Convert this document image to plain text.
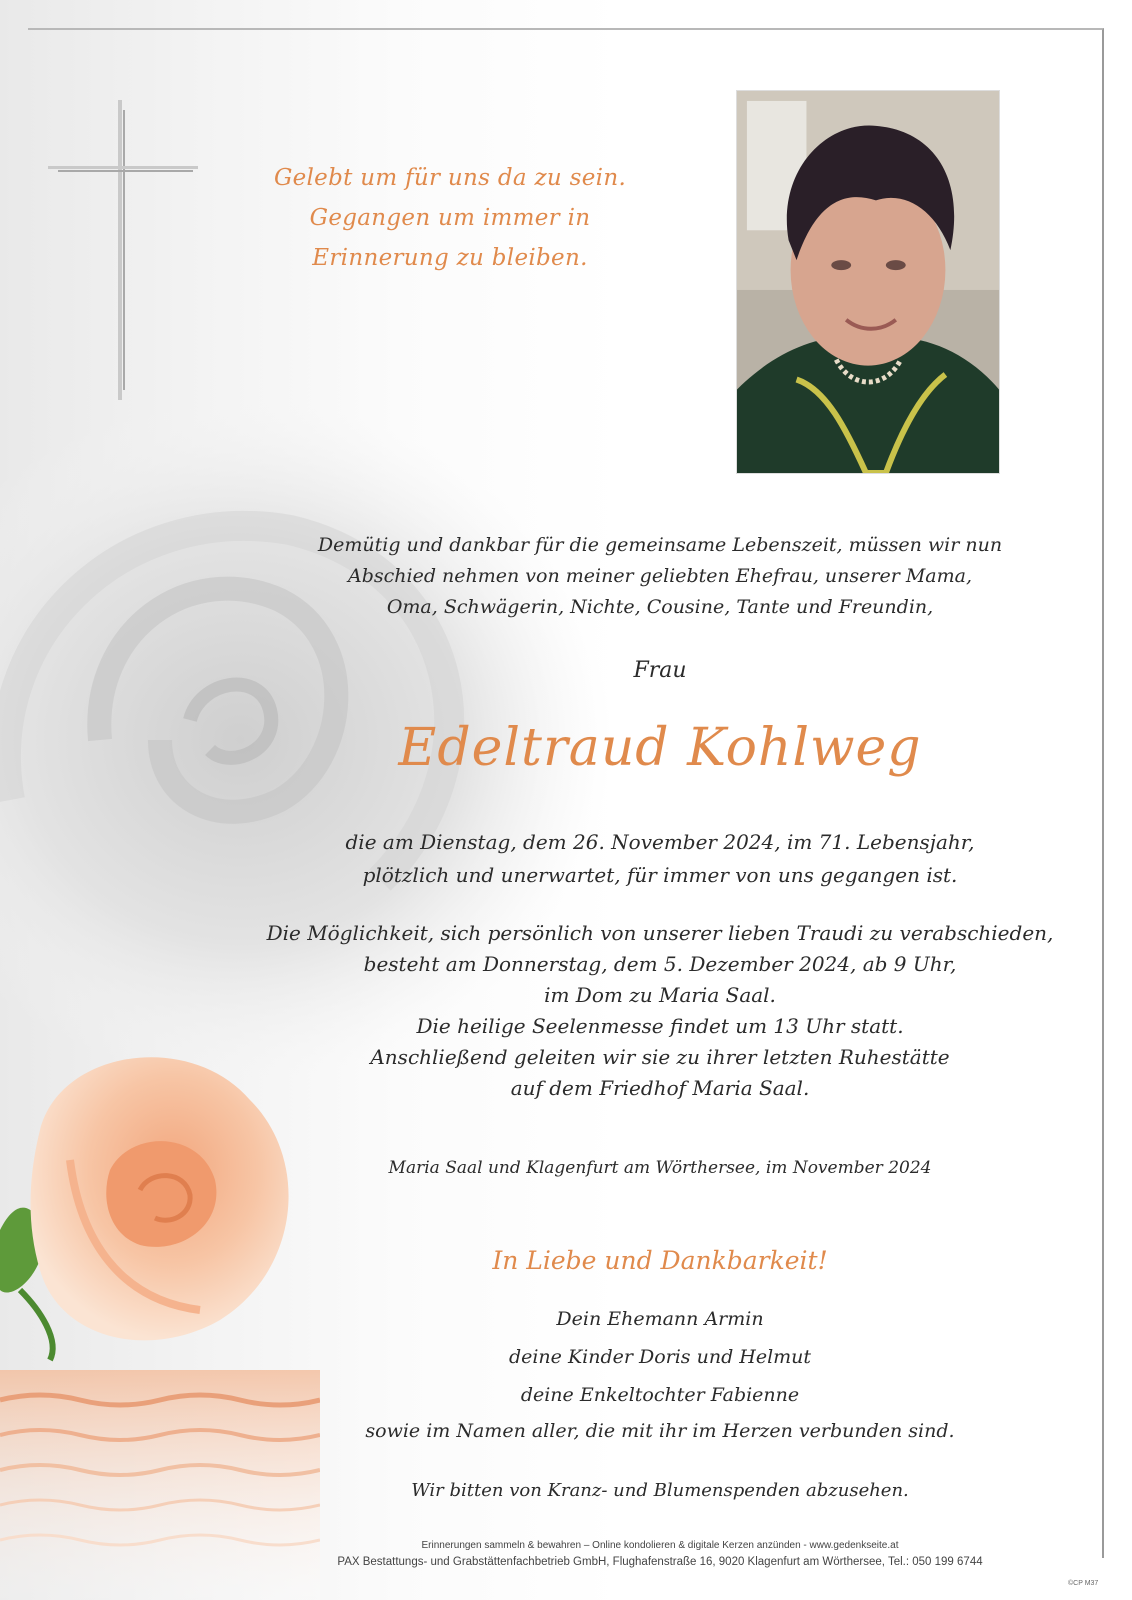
Gelebt um für uns da zu sein.
Gegangen um immer in
Erinnerung zu bleiben.
Demütig und dankbar für die gemeinsame Lebenszeit, müssen wir nun
Abschied nehmen von meiner geliebten Ehefrau, unserer Mama,
Oma, Schwägerin, Nichte, Cousine, Tante und Freundin,
Frau
Edeltraud Kohlweg
die am Dienstag, dem 26. November 2024, im 71. Lebensjahr,
plötzlich und unerwartet, für immer von uns gegangen ist.
Die Möglichkeit, sich persönlich von unserer lieben Traudi zu verabschieden,
besteht am Donnerstag, dem 5. Dezember 2024, ab 9 Uhr,
im Dom zu Maria Saal.
Die heilige Seelenmesse findet um 13 Uhr statt.
Anschließend geleiten wir sie zu ihrer letzten Ruhestätte
auf dem Friedhof Maria Saal.
Maria Saal und Klagenfurt am Wörthersee, im November 2024
In Liebe und Dankbarkeit!
Dein Ehemann Armin
deine Kinder Doris und Helmut
deine Enkeltochter Fabienne
sowie im Namen aller, die mit ihr im Herzen verbunden sind.
Wir bitten von Kranz- und Blumenspenden abzusehen.
Erinnerungen sammeln & bewahren – Online kondolieren & digitale Kerzen anzünden - www.gedenkseite.at
PAX Bestattungs- und Grabstättenfachbetrieb GmbH, Flughafenstraße 16, 9020 Klagenfurt am Wörthersee, Tel.: 050 199 6744
©CP M37
